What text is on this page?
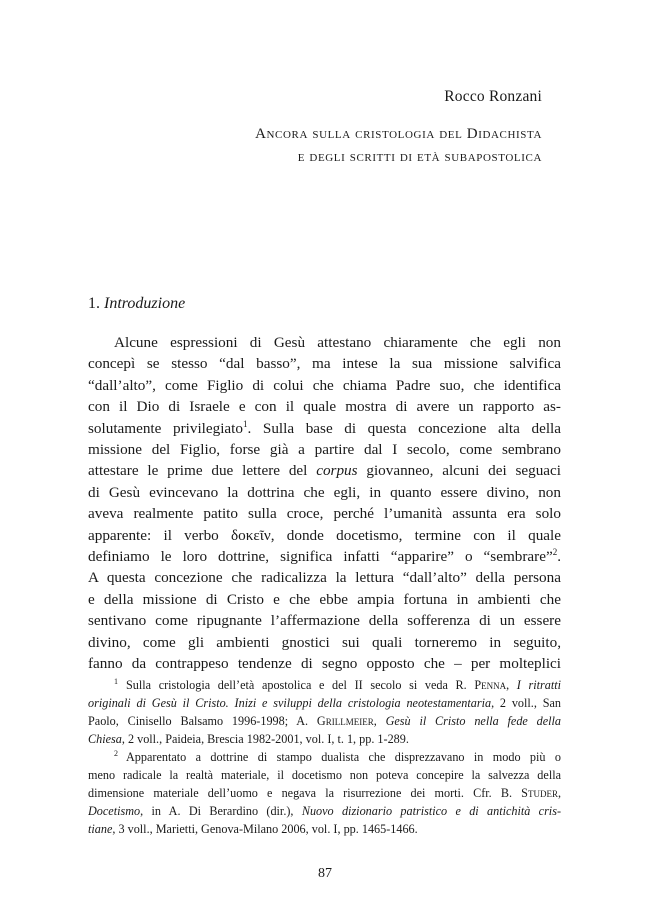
Rocco Ronzani
Ancora sulla cristologia del Didachista
e degli scritti di età subapostolica
1. Introduzione
Alcune espressioni di Gesù attestano chiaramente che egli non
concepì se stesso “dal basso”, ma intese la sua missione salvifica
“dall’alto”, come Figlio di colui che chiama Padre suo, che identifica
con il Dio di Israele e con il quale mostra di avere un rapporto as-
solutamente privilegiato$^1$. Sulla base di questa concezione alta della
missione del Figlio, forse già a partire dal I secolo, come sembrano
attestare le prime due lettere del corpus giovanneo, alcuni dei seguaci
di Gesù evincevano la dottrina che egli, in quanto essere divino, non
aveva realmente patito sulla croce, perché l’umanità assunta era solo
apparente: il verbo δοκεῖν, donde docetismo, termine con il quale
definiamo le loro dottrine, significa infatti “apparire” o “sembrare”$^2$.
A questa concezione che radicalizza la lettura “dall’alto” della persona
e della missione di Cristo e che ebbe ampia fortuna in ambienti che
sentivano come ripugnante l’affermazione della sofferenza di un essere
divino, come gli ambienti gnostici sui quali torneremo in seguito,
fanno da contrappeso tendenze di segno opposto che – per molteplici
$^1$ Sulla cristologia dell’età apostolica e del II secolo si veda R. Penna, I ritratti
originali di Gesù il Cristo. Inizi e sviluppi della cristologia neotestamentaria, 2 voll., San
Paolo, Cinisello Balsamo 1996-1998; A. Grillmeier, Gesù il Cristo nella fede della
Chiesa, 2 voll., Paideia, Brescia 1982-2001, vol. I, t. 1, pp. 1-289.
$^2$ Apparentato a dottrine di stampo dualista che disprezzavano in modo più o
meno radicale la realtà materiale, il docetismo non poteva concepire la salvezza della
dimensione materiale dell’uomo e negava la risurrezione dei morti. Cfr. B. Studer,
Docetismo, in A. Di Berardino (dir.), Nuovo dizionario patristico e di antichità cris-
tiane, 3 voll., Marietti, Genova-Milano 2006, vol. I, pp. 1465-1466.
87
